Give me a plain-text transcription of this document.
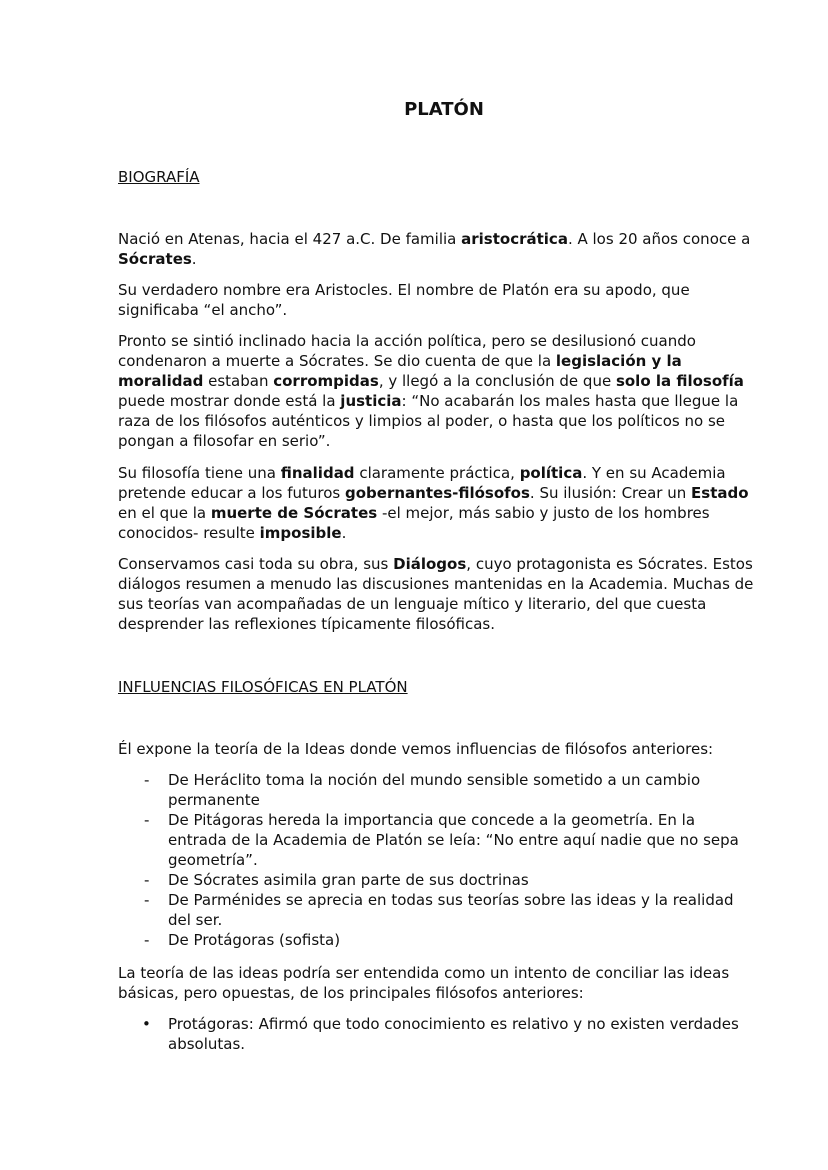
PLATÓN
BIOGRAFÍA

Nació en Atenas, hacia el 427 a.C. De familia aristocrática. A los 20 años conoce a Sócrates.

Su verdadero nombre era Aristocles. El nombre de Platón era su apodo, que significaba “el ancho”.

Pronto se sintió inclinado hacia la acción política, pero se desilusionó cuando condenaron a muerte a Sócrates. Se dio cuenta de que la legislación y la moralidad estaban corrompidas, y llegó a la conclusión de que solo la filosofía puede mostrar donde está la justicia: “No acabarán los males hasta que llegue la raza de los filósofos auténticos y limpios al poder, o hasta que los políticos no se pongan a filosofar en serio”.

Su filosofía tiene una finalidad claramente práctica, política. Y en su Academia pretende educar a los futuros gobernantes-filósofos. Su ilusión: Crear un Estado en el que la muerte de Sócrates -el mejor, más sabio y justo de los hombres conocidos- resulte imposible.

Conservamos casi toda su obra, sus Diálogos, cuyo protagonista es Sócrates. Estos diálogos resumen a menudo las discusiones mantenidas en la Academia. Muchas de sus teorías van acompañadas de un lenguaje mítico y literario, del que cuesta desprender las reflexiones típicamente filosóficas.

INFLUENCIAS FILOSÓFICAS EN PLATÓN

Él expone la teoría de la Ideas donde vemos influencias de filósofos anteriores:

- De Heráclito toma la noción del mundo sensible sometido a un cambio permanente
- De Pitágoras hereda la importancia que concede a la geometría. En la entrada de la Academia de Platón se leía: “No entre aquí nadie que no sepa geometría”.
- De Sócrates asimila gran parte de sus doctrinas
- De Parménides se aprecia en todas sus teorías sobre las ideas y la realidad del ser.
- De Protágoras (sofista)

La teoría de las ideas podría ser entendida como un intento de conciliar las ideas básicas, pero opuestas, de los principales filósofos anteriores:

• Protágoras: Afirmó que todo conocimiento es relativo y no existen verdades absolutas.
